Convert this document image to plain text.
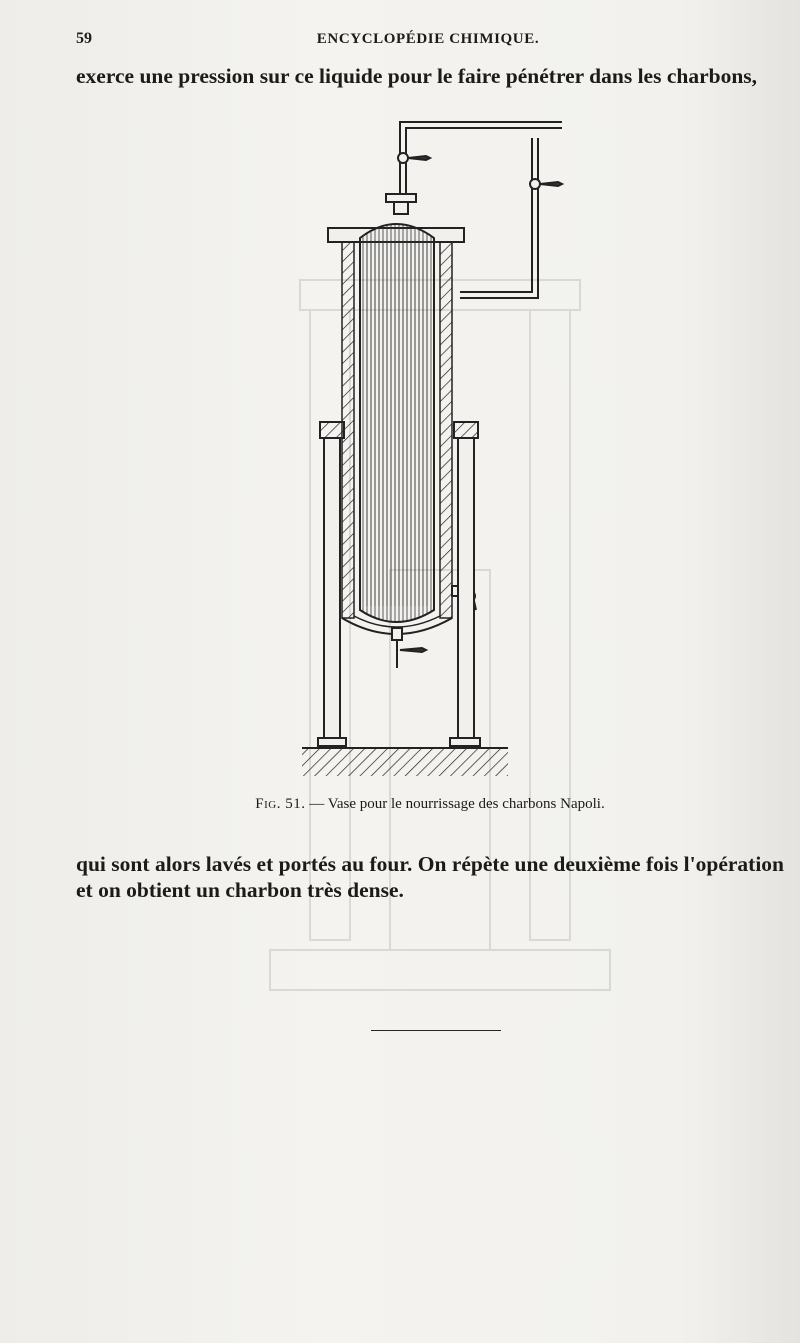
59	ENCYCLOPÉDIE CHIMIQUE.
exerce une pression sur ce liquide pour le faire pénétrer dans les charbons,
Fig. 51. — Vase pour le nourrissage des charbons Napoli.
qui sont alors lavés et portés au four. On répète une deuxième fois l'opération et on obtient un charbon très dense.
